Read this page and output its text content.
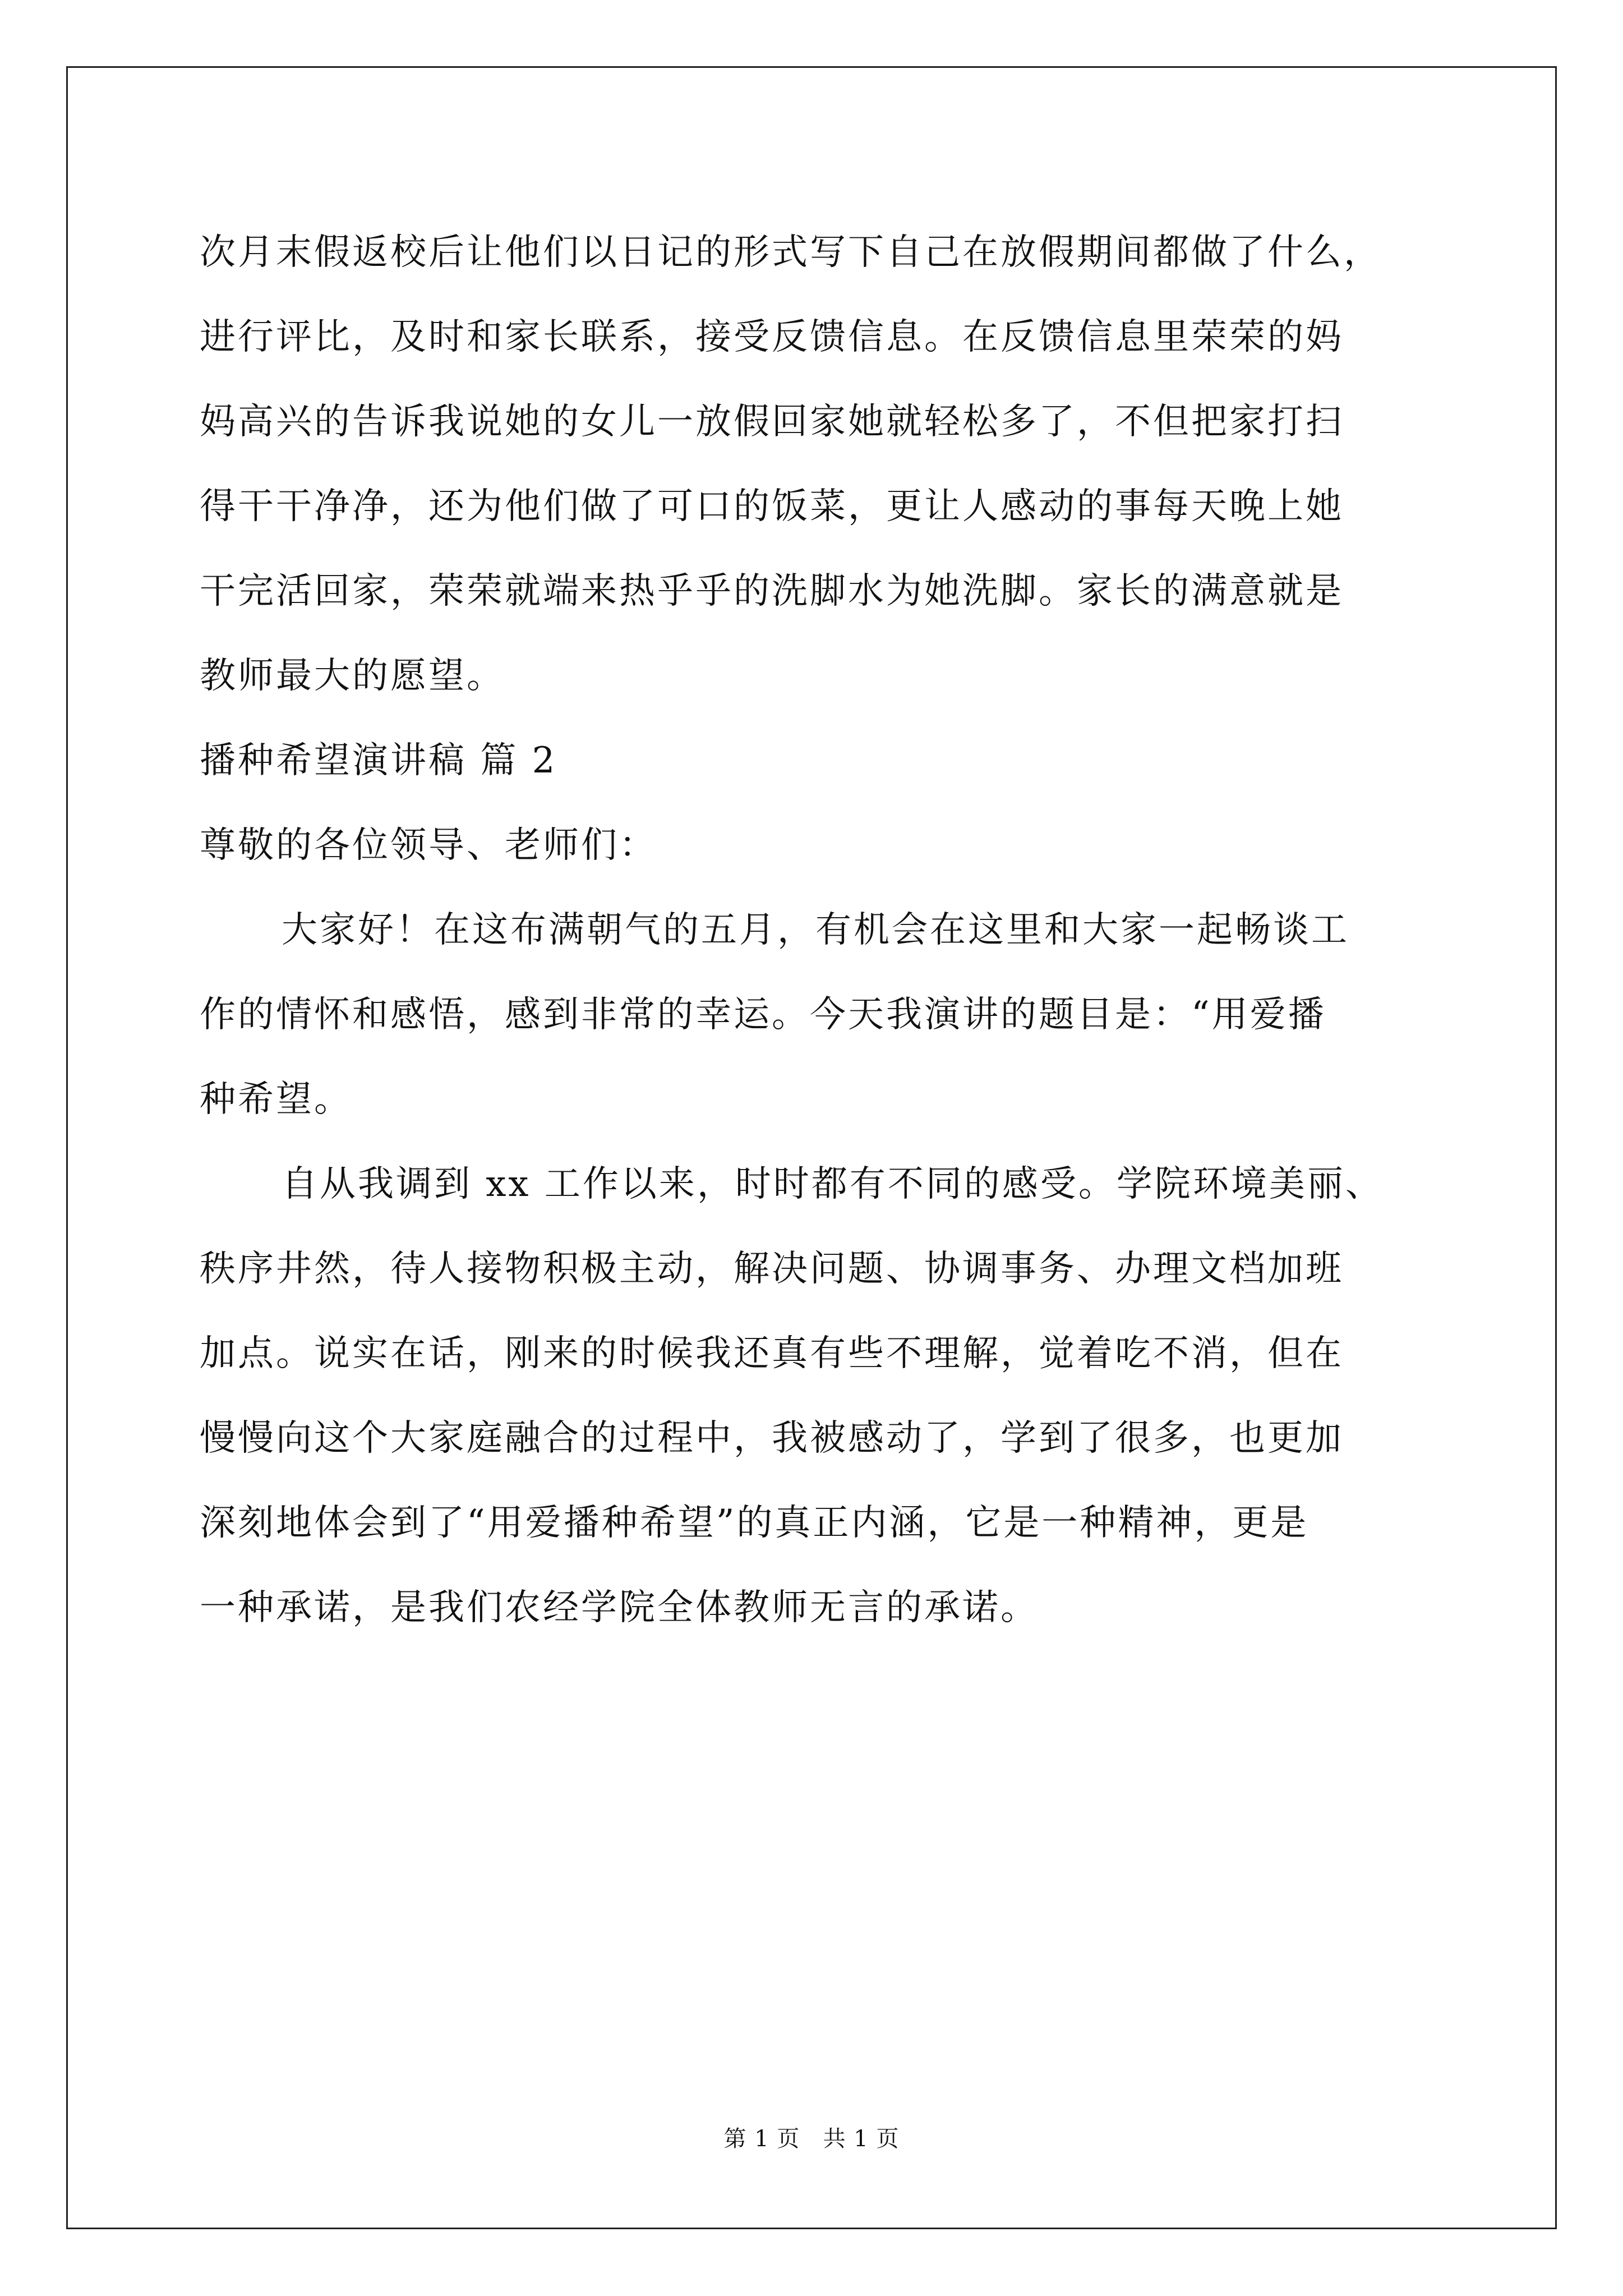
次月末假返校后让他们以日记的形式写下自己在放假期间都做了什么，
进行评比，及时和家长联系，接受反馈信息。在反馈信息里荣荣的妈
妈高兴的告诉我说她的女儿一放假回家她就轻松多了，不但把家打扫
得干干净净，还为他们做了可口的饭菜，更让人感动的事每天晚上她
干完活回家，荣荣就端来热乎乎的洗脚水为她洗脚。家长的满意就是
教师最大的愿望。
播种希望演讲稿 篇 2
尊敬的各位领导、老师们：
大家好！在这布满朝气的五月，有机会在这里和大家一起畅谈工
作的情怀和感悟，感到非常的幸运。今天我演讲的题目是：“用爱播
种希望。
自从我调到 xx 工作以来，时时都有不同的感受。学院环境美丽、
秩序井然，待人接物积极主动，解决问题、协调事务、办理文档加班
加点。说实在话，刚来的时候我还真有些不理解，觉着吃不消，但在
慢慢向这个大家庭融合的过程中，我被感动了，学到了很多，也更加
深刻地体会到了“用爱播种希望”的真正内涵，它是一种精神，更是
一种承诺，是我们农经学院全体教师无言的承诺。
第 1 页 共 1 页
